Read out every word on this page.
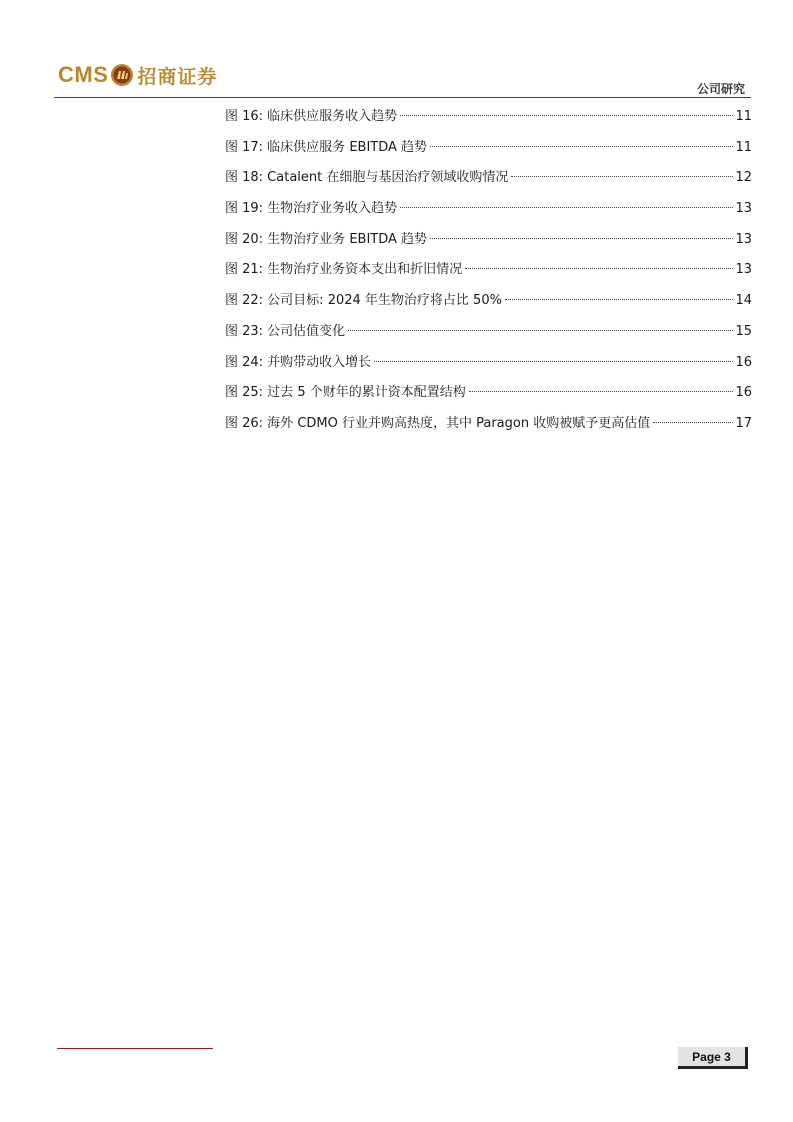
CMS 招商证券
公司研究
图 16: 临床供应服务收入趋势	11
图 17: 临床供应服务 EBITDA 趋势	11
图 18: Catalent 在细胞与基因治疗领域收购情况	12
图 19: 生物治疗业务收入趋势	13
图 20: 生物治疗业务 EBITDA 趋势	13
图 21: 生物治疗业务资本支出和折旧情况	13
图 22: 公司目标: 2024 年生物治疗将占比 50%	14
图 23: 公司估值变化	15
图 24: 并购带动收入增长	16
图 25: 过去 5 个财年的累计资本配置结构	16
图 26: 海外 CDMO 行业并购高热度，其中 Paragon 收购被赋予更高估值	17
Page 3
